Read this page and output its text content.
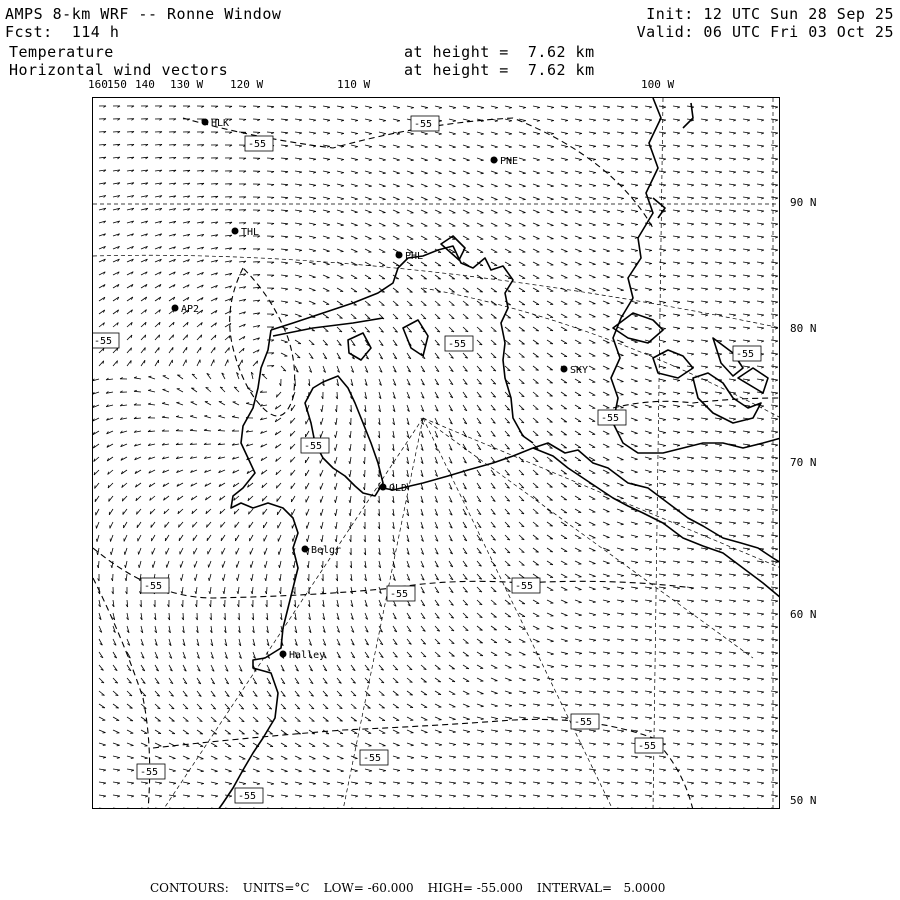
AMPS 8-km WRF -- Ronne Window
Fcst:  114 h
Init: 12 UTC Sun 28 Sep 25
Valid: 06 UTC Fri 03 Oct 25
Temperature	at height =  7.62 km
Horizontal wind vectors	at height =  7.62 km
160 150 140 130 W 120 W	110 W	100 W
90 N
80 N
70 N
60 N
50 N
HLK
PNE
THL
PHL
AP2
SKY
OLD
Belgr
Halley
-55
-55
-55
-55
-55
-55
-55
-55
-55
-55
-55
-55
-55
-55
-55
CONTOURS: UNITS=°C LOW= -60.000 HIGH= -55.000 INTERVAL=   5.0000
